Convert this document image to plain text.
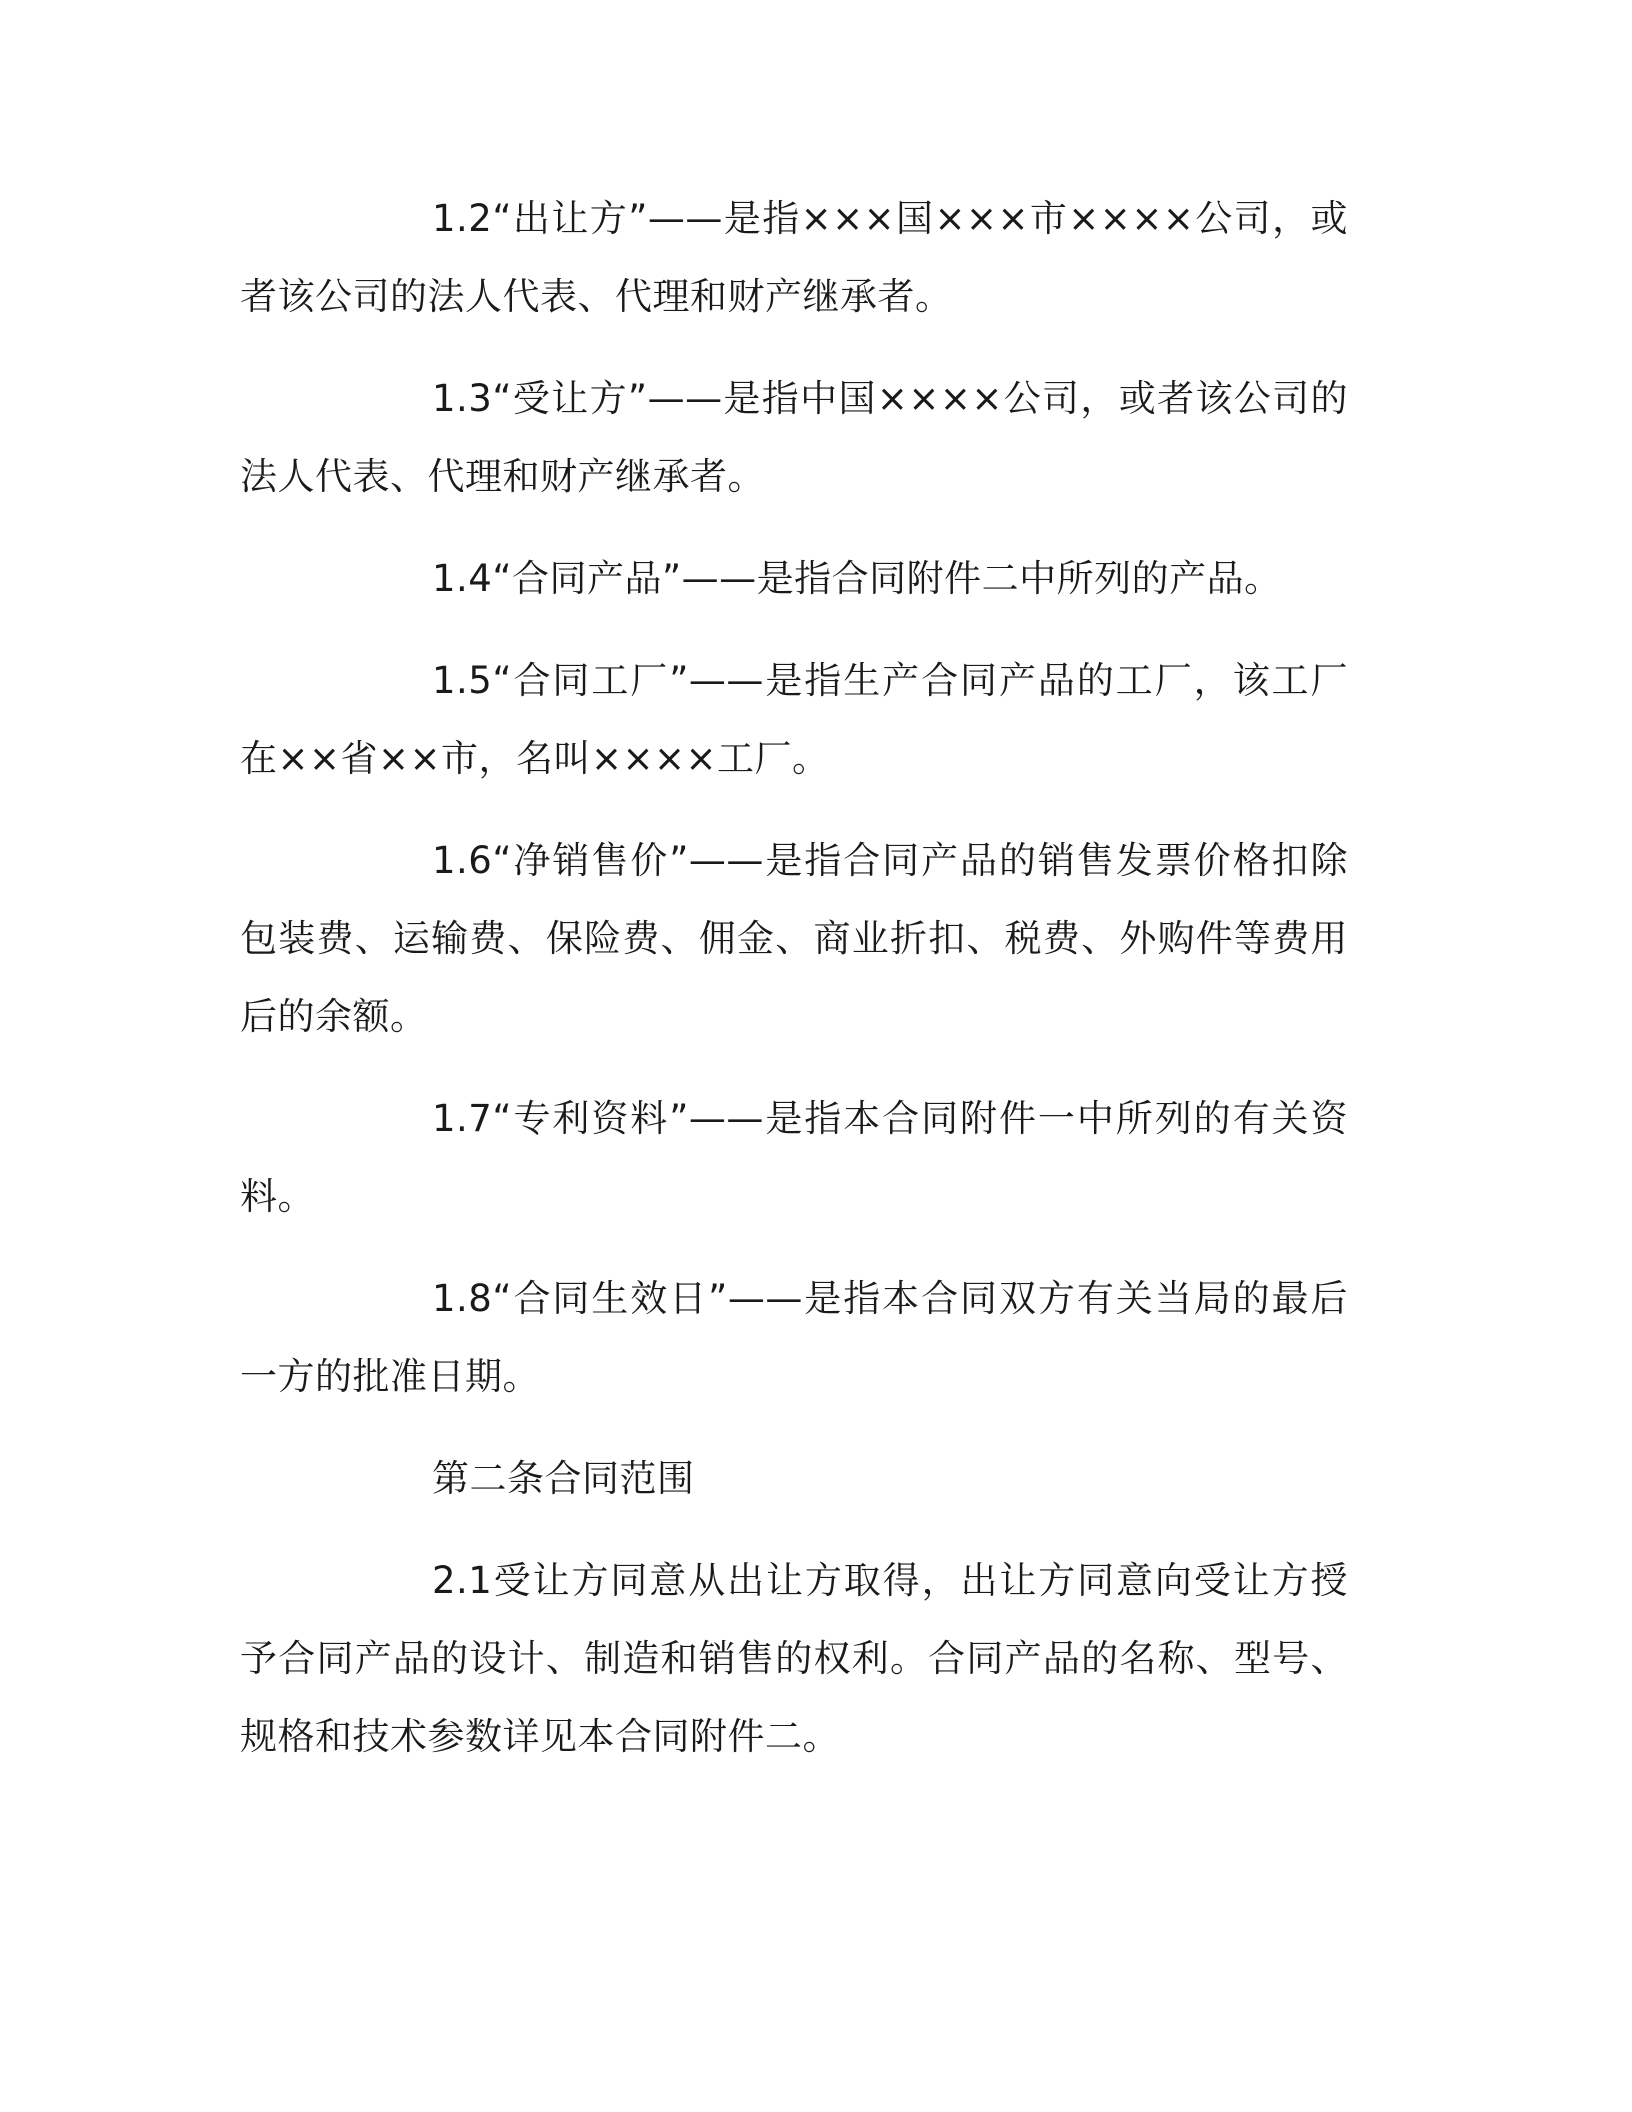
1.2“出让方”——是指×××国×××市××××公司，或者该公司的法人代表、代理和财产继承者。

1.3“受让方”——是指中国××××公司，或者该公司的法人代表、代理和财产继承者。

1.4“合同产品”——是指合同附件二中所列的产品。

1.5“合同工厂”——是指生产合同产品的工厂，该工厂在××省××市，名叫××××工厂。

1.6“净销售价”——是指合同产品的销售发票价格扣除包装费、运输费、保险费、佣金、商业折扣、税费、外购件等费用后的余额。

1.7“专利资料”——是指本合同附件一中所列的有关资料。

1.8“合同生效日”——是指本合同双方有关当局的最后一方的批准日期。

第二条合同范围

2.1受让方同意从出让方取得，出让方同意向受让方授予合同产品的设计、制造和销售的权利。合同产品的名称、型号、规格和技术参数详见本合同附件二。
